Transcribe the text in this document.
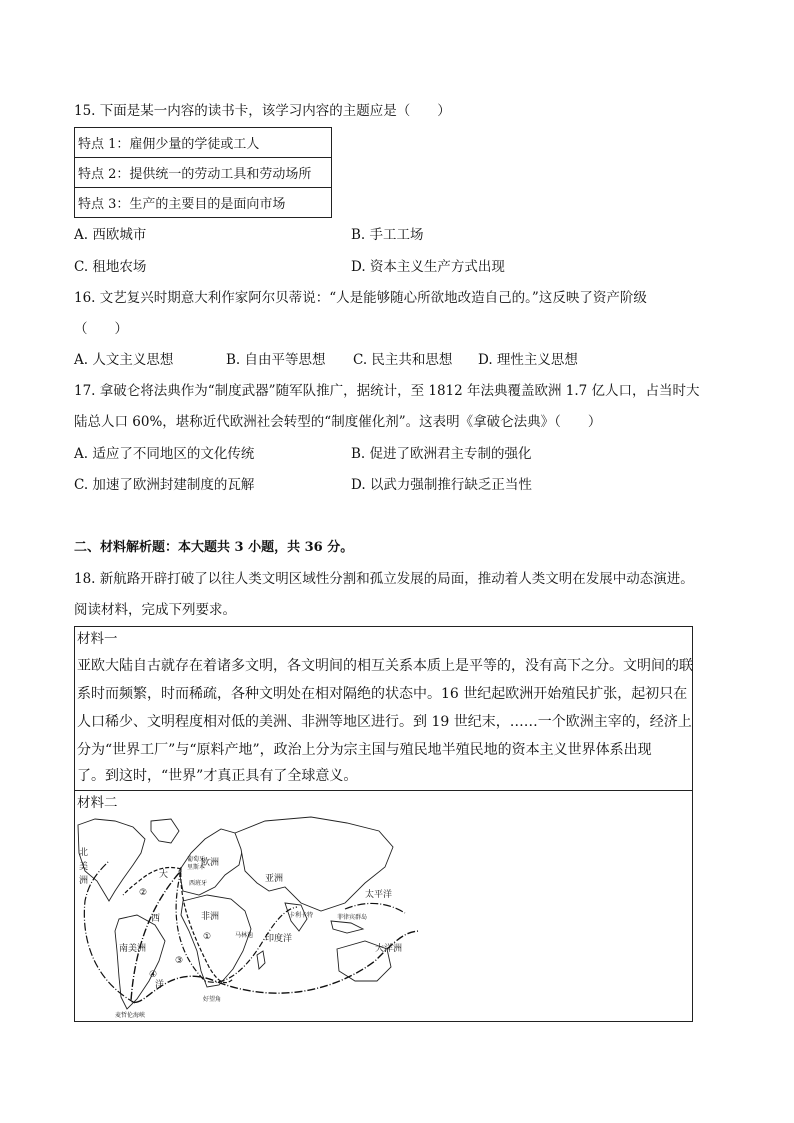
15. 下面是某一内容的读书卡，该学习内容的主题应是（　　）
特点 1：雇佣少量的学徒或工人
特点 2：提供统一的劳动工具和劳动场所
特点 3：生产的主要目的是面向市场
A. 西欧城市	B. 手工工场
C. 租地农场	D. 资本主义生产方式出现
16. 文艺复兴时期意大利作家阿尔贝蒂说：“人是能够随心所欲地改造自己的。”这反映了资产阶级
（　　）
A. 人文主义思想	B. 自由平等思想 C. 民主共和思想 D. 理性主义思想
17. 拿破仑将法典作为“制度武器”随军队推广，据统计，至 1812 年法典覆盖欧洲 1.7 亿人口，占当时大
陆总人口 60%，堪称近代欧洲社会转型的“制度催化剂”。这表明《拿破仑法典》（　　）
A. 适应了不同地区的文化传统	B. 促进了欧洲君主专制的强化
C. 加速了欧洲封建制度的瓦解	D. 以武力强制推行缺乏正当性
二、材料解析题：本大题共 3 小题，共 36 分。
18. 新航路开辟打破了以往人类文明区域性分割和孤立发展的局面，推动着人类文明在发展中动态演进。
阅读材料，完成下列要求。
材料一
亚欧大陆自古就存在着诸多文明，各文明间的相互关系本质上是平等的，没有高下之分。文明间的联
系时而频繁，时而稀疏，各种文明处在相对隔绝的状态中。16 世纪起欧洲开始殖民扩张，起初只在
人口稀少、文明程度相对低的美洲、非洲等地区进行。到 19 世纪末，……一个欧洲主宰的，经济上
分为“世界工厂”与“原料产地”，政治上分为宗主国与殖民地半殖民地的资本主义世界体系出现
了。到这时，“世界”才真正具有了全球意义。
材料二
北
美
洲
大
西
洋
欧洲
亚洲
非洲
南美洲
太平洋
印度洋
大洋洲
葡萄牙
里斯本
西班牙
好望角
马林迪
卡利卡特	菲律宾群岛
麦哲伦海峡
①
②
③
④
